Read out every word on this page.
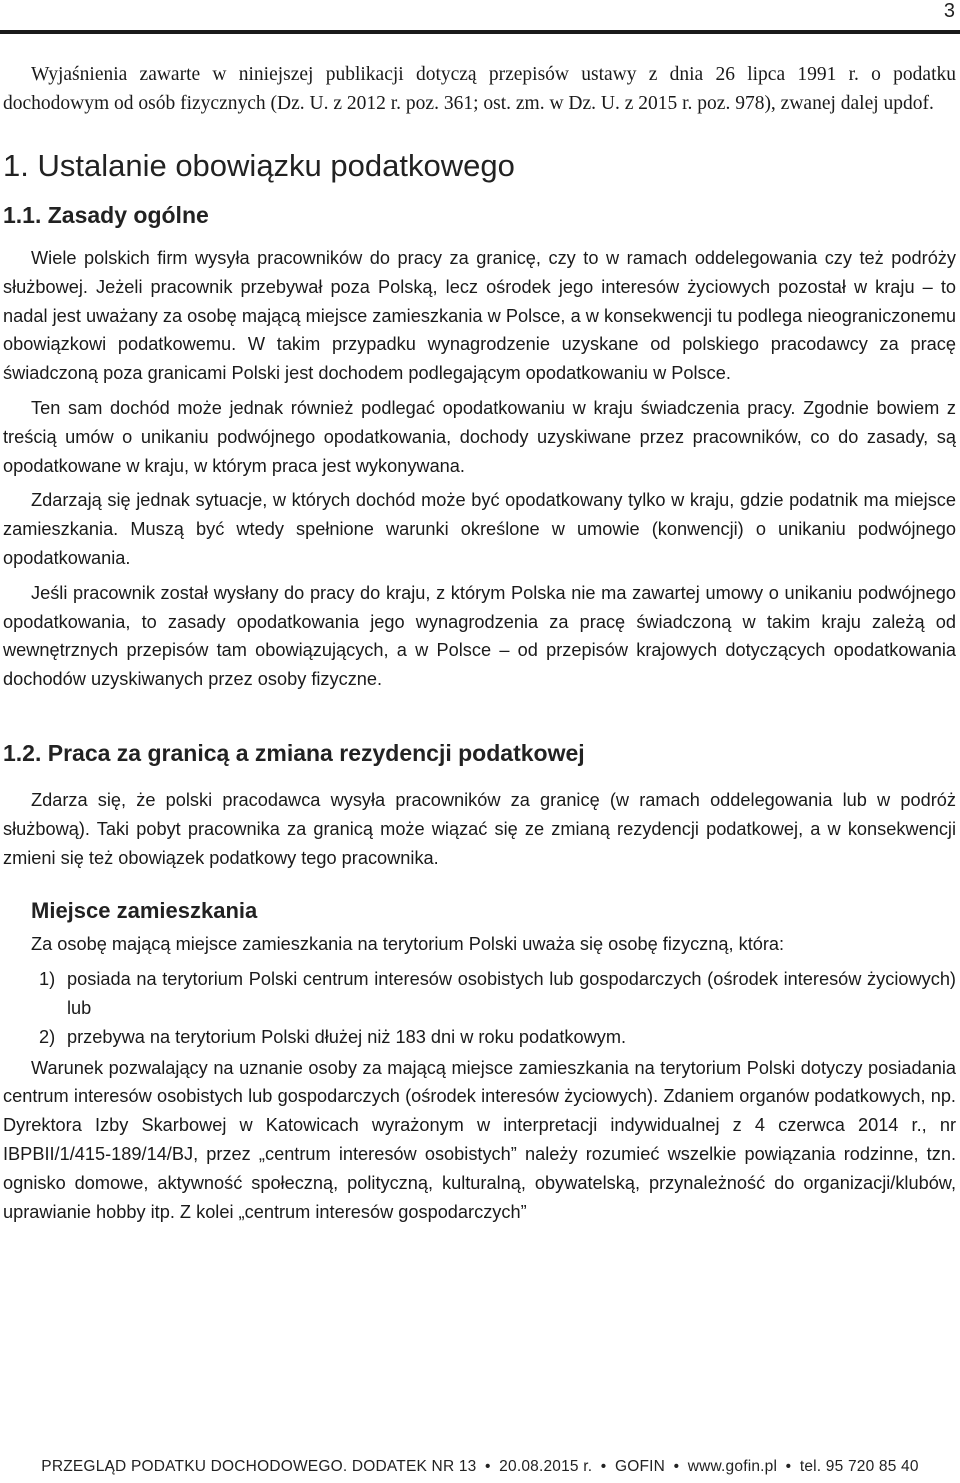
3

Wyjaśnienia zawarte w niniejszej publikacji dotyczą przepisów ustawy z dnia 26 lipca 1991 r. o podatku dochodowym od osób fizycznych (Dz. U. z 2012 r. poz. 361; ost. zm. w Dz. U. z 2015 r. poz. 978), zwanej dalej updof.

1. Ustalanie obowiązku podatkowego
1.1. Zasady ogólne

Wiele polskich firm wysyła pracowników do pracy za granicę, czy to w ramach oddelegowania czy też podróży służbowej. Jeżeli pracownik przebywał poza Polską, lecz ośrodek jego interesów życiowych pozostał w kraju – to nadal jest uważany za osobę mającą miejsce zamieszkania w Polsce, a w konsekwencji tu podlega nieograniczonemu obowiązkowi podatkowemu. W takim przypadku wynagrodzenie uzyskane od polskiego pracodawcy za pracę świadczoną poza granicami Polski jest dochodem podlegającym opodatkowaniu w Polsce.

Ten sam dochód może jednak również podlegać opodatkowaniu w kraju świadczenia pracy. Zgodnie bowiem z treścią umów o unikaniu podwójnego opodatkowania, dochody uzyskiwane przez pracowników, co do zasady, są opodatkowane w kraju, w którym praca jest wykonywana.

Zdarzają się jednak sytuacje, w których dochód może być opodatkowany tylko w kraju, gdzie podatnik ma miejsce zamieszkania. Muszą być wtedy spełnione warunki określone w umowie (konwencji) o unikaniu podwójnego opodatkowania.

Jeśli pracownik został wysłany do pracy do kraju, z którym Polska nie ma zawartej umowy o unikaniu podwójnego opodatkowania, to zasady opodatkowania jego wynagrodzenia za pracę świadczoną w takim kraju zależą od wewnętrznych przepisów tam obowiązujących, a w Polsce – od przepisów krajowych dotyczących opodatkowania dochodów uzyskiwanych przez osoby fizyczne.

1.2. Praca za granicą a zmiana rezydencji podatkowej

Zdarza się, że polski pracodawca wysyła pracowników za granicę (w ramach oddelegowania lub w podróż służbową). Taki pobyt pracownika za granicą może wiązać się ze zmianą rezydencji podatkowej, a w konsekwencji zmieni się też obowiązek podatkowy tego pracownika.

Miejsce zamieszkania

Za osobę mającą miejsce zamieszkania na terytorium Polski uważa się osobę fizyczną, która:

1) posiada na terytorium Polski centrum interesów osobistych lub gospodarczych (ośrodek interesów życiowych) lub
2) przebywa na terytorium Polski dłużej niż 183 dni w roku podatkowym.

Warunek pozwalający na uznanie osoby za mającą miejsce zamieszkania na terytorium Polski dotyczy posiadania centrum interesów osobistych lub gospodarczych (ośrodek interesów życiowych). Zdaniem organów podatkowych, np. Dyrektora Izby Skarbowej w Katowicach wyrażonym w interpretacji indywidualnej z 4 czerwca 2014 r., nr IBPBII/1/415-189/14/BJ, przez „centrum interesów osobistych” należy rozumieć wszelkie powiązania rodzinne, tzn. ognisko domowe, aktywność społeczną, polityczną, kulturalną, obywatelską, przynależność do organizacji/klubów, uprawianie hobby itp. Z kolei „centrum interesów gospodarczych”

PRZEGLĄD PODATKU DOCHODOWEGO. DODATEK NR 13 • 20.08.2015 r. • GOFIN • www.gofin.pl • tel. 95 720 85 40
